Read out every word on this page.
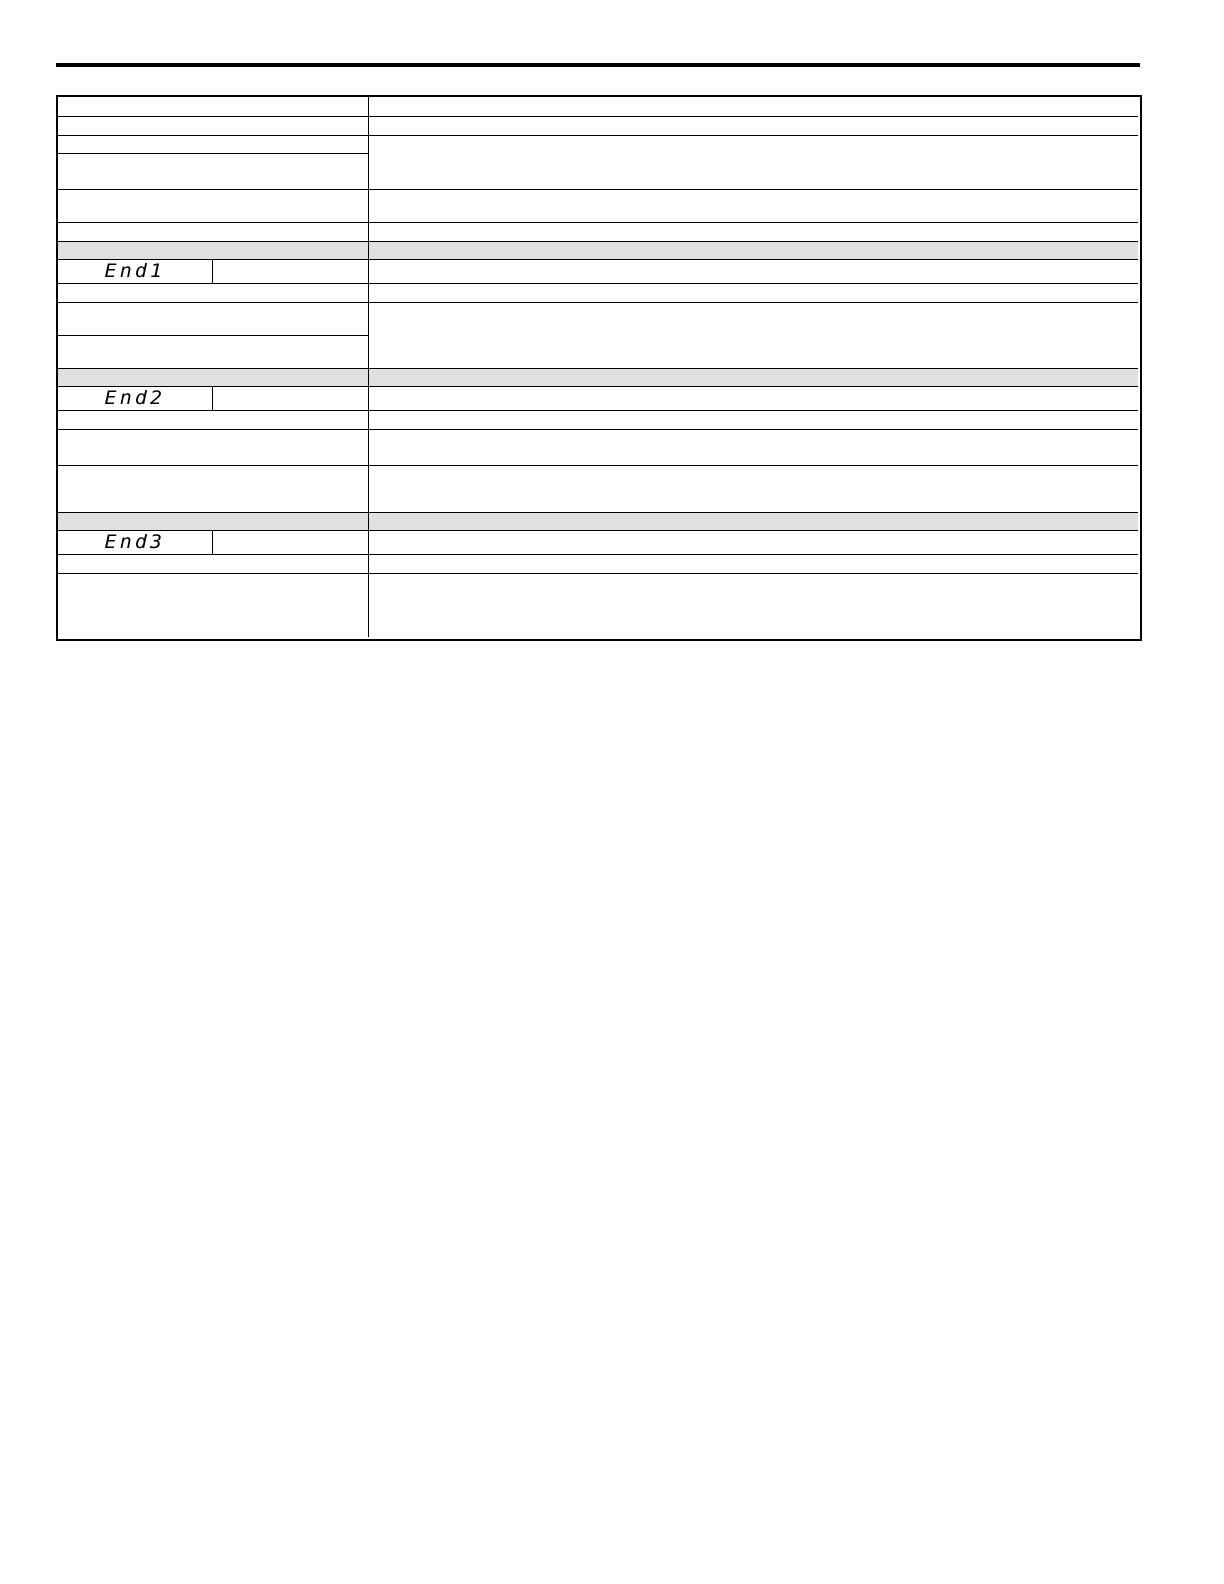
End1
End2
End3
